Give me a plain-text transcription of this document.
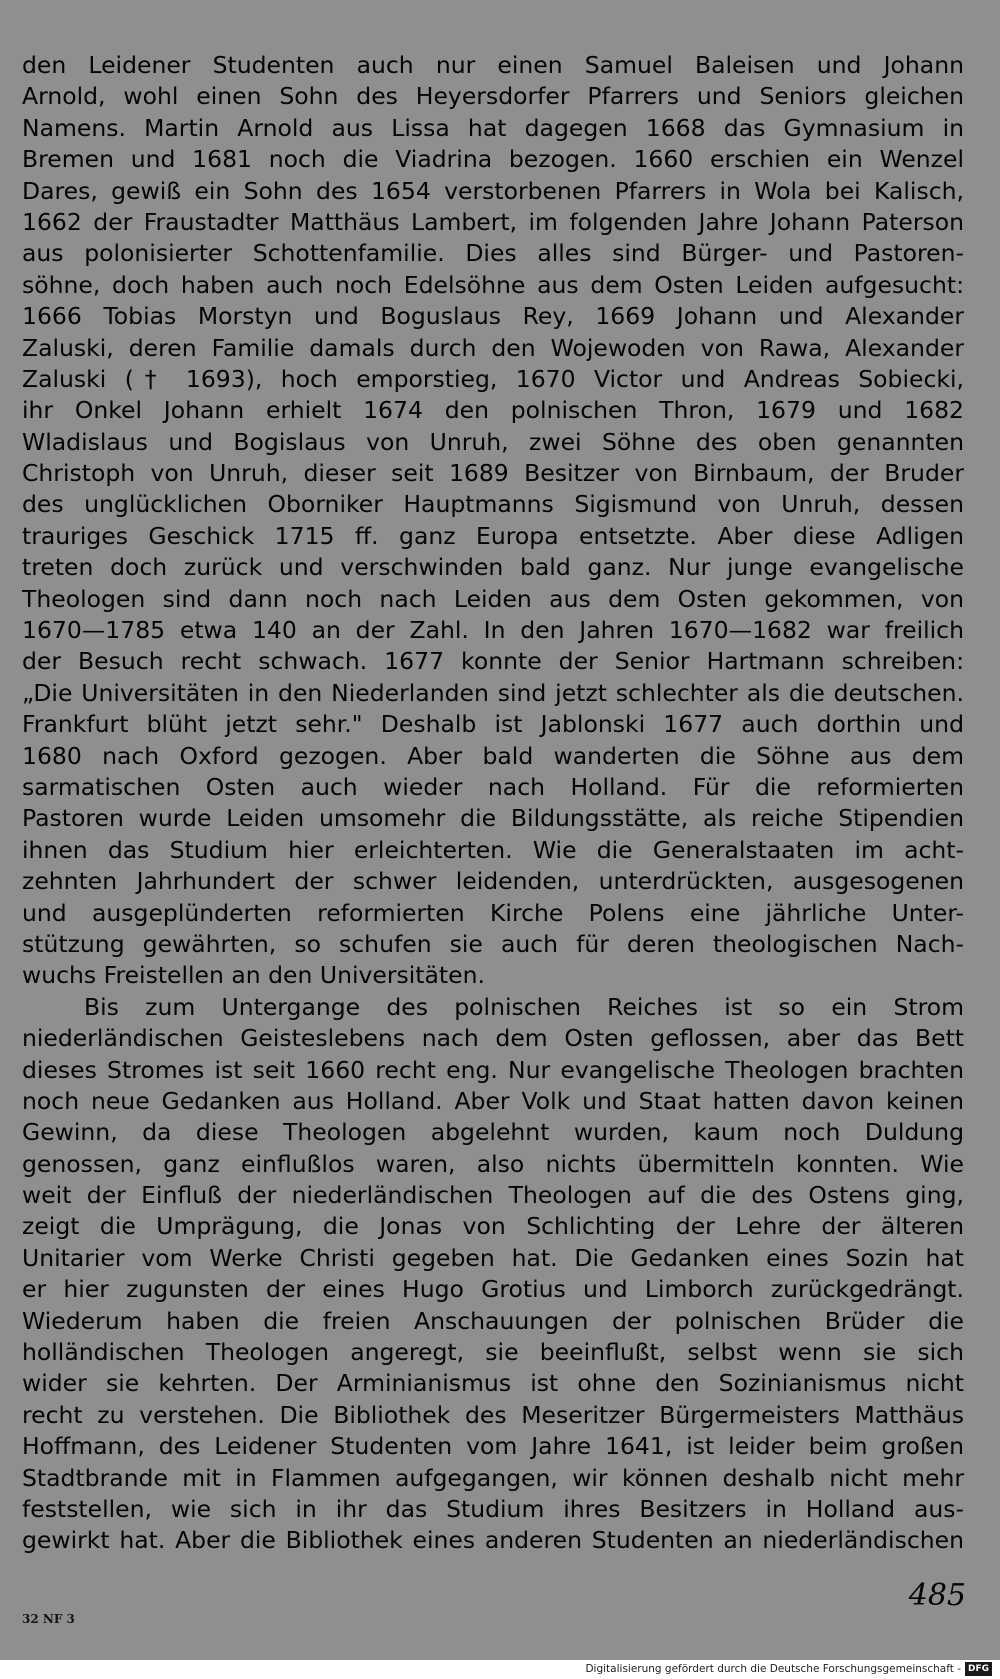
den Leidener Studenten auch nur einen Samuel Baleisen und Johann
Arnold, wohl einen Sohn des Heyersdorfer Pfarrers und Seniors gleichen
Namens. Martin Arnold aus Lissa hat dagegen 1668 das Gymnasium in
Bremen und 1681 noch die Viadrina bezogen. 1660 erschien ein Wenzel
Dares, gewiß ein Sohn des 1654 verstorbenen Pfarrers in Wola bei Kalisch,
1662 der Fraustadter Matthäus Lambert, im folgenden Jahre Johann Paterson
aus polonisierter Schottenfamilie. Dies alles sind Bürger- und Pastoren-
söhne, doch haben auch noch Edelsöhne aus dem Osten Leiden aufgesucht:
1666 Tobias Morstyn und Boguslaus Rey, 1669 Johann und Alexander
Zaluski, deren Familie damals durch den Wojewoden von Rawa, Alexander
Zaluski († 1693), hoch emporstieg, 1670 Victor und Andreas Sobiecki,
ihr Onkel Johann erhielt 1674 den polnischen Thron, 1679 und 1682
Wladislaus und Bogislaus von Unruh, zwei Söhne des oben genannten
Christoph von Unruh, dieser seit 1689 Besitzer von Birnbaum, der Bruder
des unglücklichen Oborniker Hauptmanns Sigismund von Unruh, dessen
trauriges Geschick 1715 ff. ganz Europa entsetzte. Aber diese Adligen
treten doch zurück und verschwinden bald ganz. Nur junge evangelische
Theologen sind dann noch nach Leiden aus dem Osten gekommen, von
1670—1785 etwa 140 an der Zahl. In den Jahren 1670—1682 war freilich
der Besuch recht schwach. 1677 konnte der Senior Hartmann schreiben:
„Die Universitäten in den Niederlanden sind jetzt schlechter als die deutschen.
Frankfurt blüht jetzt sehr." Deshalb ist Jablonski 1677 auch dorthin und
1680 nach Oxford gezogen. Aber bald wanderten die Söhne aus dem
sarmatischen Osten auch wieder nach Holland. Für die reformierten
Pastoren wurde Leiden umsomehr die Bildungsstätte, als reiche Stipendien
ihnen das Studium hier erleichterten. Wie die Generalstaaten im acht-
zehnten Jahrhundert der schwer leidenden, unterdrückten, ausgesogenen
und ausgeplünderten reformierten Kirche Polens eine jährliche Unter-
stützung gewährten, so schufen sie auch für deren theologischen Nach-
wuchs Freistellen an den Universitäten.
Bis zum Untergange des polnischen Reiches ist so ein Strom
niederländischen Geisteslebens nach dem Osten geflossen, aber das Bett
dieses Stromes ist seit 1660 recht eng. Nur evangelische Theologen brachten
noch neue Gedanken aus Holland. Aber Volk und Staat hatten davon keinen
Gewinn, da diese Theologen abgelehnt wurden, kaum noch Duldung
genossen, ganz einflußlos waren, also nichts übermitteln konnten. Wie
weit der Einfluß der niederländischen Theologen auf die des Ostens ging,
zeigt die Umprägung, die Jonas von Schlichting der Lehre der älteren
Unitarier vom Werke Christi gegeben hat. Die Gedanken eines Sozin hat
er hier zugunsten der eines Hugo Grotius und Limborch zurückgedrängt.
Wiederum haben die freien Anschauungen der polnischen Brüder die
holländischen Theologen angeregt, sie beeinflußt, selbst wenn sie sich
wider sie kehrten. Der Arminianismus ist ohne den Sozinianismus nicht
recht zu verstehen. Die Bibliothek des Meseritzer Bürgermeisters Matthäus
Hoffmann, des Leidener Studenten vom Jahre 1641, ist leider beim großen
Stadtbrande mit in Flammen aufgegangen, wir können deshalb nicht mehr
feststellen, wie sich in ihr das Studium ihres Besitzers in Holland aus-
gewirkt hat. Aber die Bibliothek eines anderen Studenten an niederländischen
485
32 NF 3
Digitalisierung gefördert durch die Deutsche Forschungsgemeinschaft - DFG
